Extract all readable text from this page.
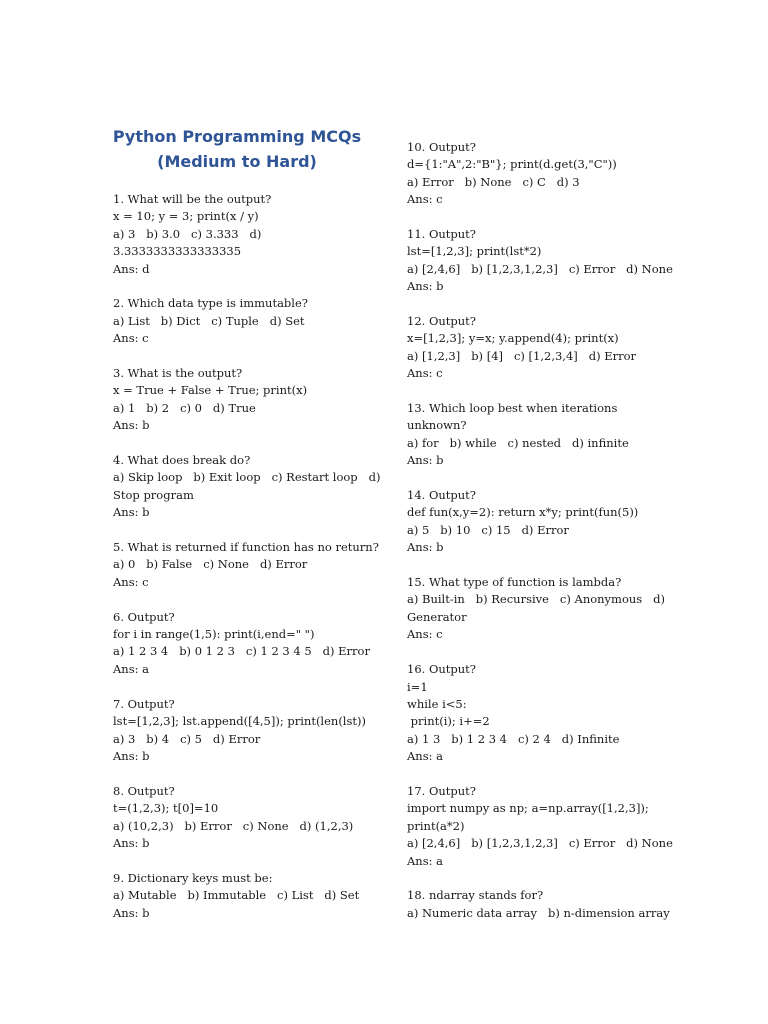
Python Programming MCQs
(Medium to Hard)
1. What will be the output?
x = 10; y = 3; print(x / y)
a) 3   b) 3.0   c) 3.333   d)
3.3333333333333335
Ans: d
2. Which data type is immutable?
a) List   b) Dict   c) Tuple   d) Set
Ans: c
3. What is the output?
x = True + False + True; print(x)
a) 1   b) 2   c) 0   d) True
Ans: b
4. What does break do?
a) Skip loop   b) Exit loop   c) Restart loop   d)
Stop program
Ans: b
5. What is returned if function has no return?
a) 0   b) False   c) None   d) Error
Ans: c
6. Output?
for i in range(1,5): print(i,end=" ")
a) 1 2 3 4   b) 0 1 2 3   c) 1 2 3 4 5   d) Error
Ans: a
7. Output?
lst=[1,2,3]; lst.append([4,5]); print(len(lst))
a) 3   b) 4   c) 5   d) Error
Ans: b
8. Output?
t=(1,2,3); t[0]=10
a) (10,2,3)   b) Error   c) None   d) (1,2,3)
Ans: b
9. Dictionary keys must be:
a) Mutable   b) Immutable   c) List   d) Set
Ans: b
10. Output?
d={1:"A",2:"B"}; print(d.get(3,"C"))
a) Error   b) None   c) C   d) 3
Ans: c
11. Output?
lst=[1,2,3]; print(lst*2)
a) [2,4,6]   b) [1,2,3,1,2,3]   c) Error   d) None
Ans: b
12. Output?
x=[1,2,3]; y=x; y.append(4); print(x)
a) [1,2,3]   b) [4]   c) [1,2,3,4]   d) Error
Ans: c
13. Which loop best when iterations
unknown?
a) for   b) while   c) nested   d) infinite
Ans: b
14. Output?
def fun(x,y=2): return x*y; print(fun(5))
a) 5   b) 10   c) 15   d) Error
Ans: b
15. What type of function is lambda?
a) Built-in   b) Recursive   c) Anonymous   d)
Generator
Ans: c
16. Output?
i=1
while i<5:
print(i); i+=2
a) 1 3   b) 1 2 3 4   c) 2 4   d) Infinite
Ans: a
17. Output?
import numpy as np; a=np.array([1,2,3]);
print(a*2)
a) [2,4,6]   b) [1,2,3,1,2,3]   c) Error   d) None
Ans: a
18. ndarray stands for?
a) Numeric data array   b) n-dimension array
